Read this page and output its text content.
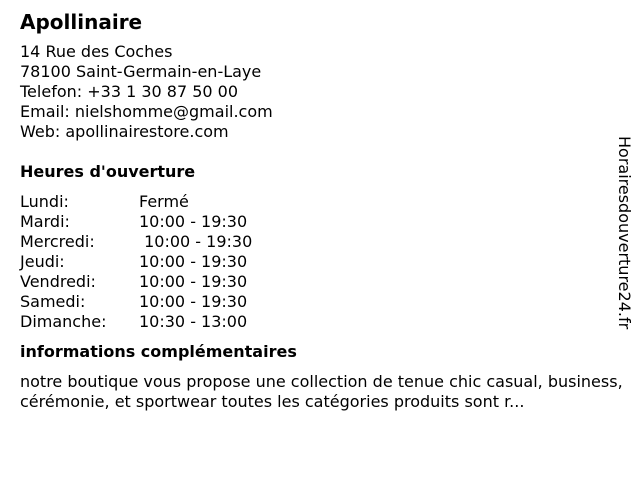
Apollinaire
14 Rue des Coches
78100 Saint-Germain-en-Laye
Telefon: +33 1 30 87 50 00
Email: nielshomme@gmail.com
Web: apollinairestore.com
Heures d'ouverture
Lundi:	Fermé
Mardi:	10:00 - 19:30
Mercredi:	10:00 - 19:30
Jeudi:	10:00 - 19:30
Vendredi:	10:00 - 19:30
Samedi:	10:00 - 19:30
Dimanche:	10:30 - 13:00
informations complémentaires
notre boutique vous propose une collection de tenue chic casual, business, cérémonie, et sportwear toutes les catégories produits sont r...
Horairesdouverture24.fr
